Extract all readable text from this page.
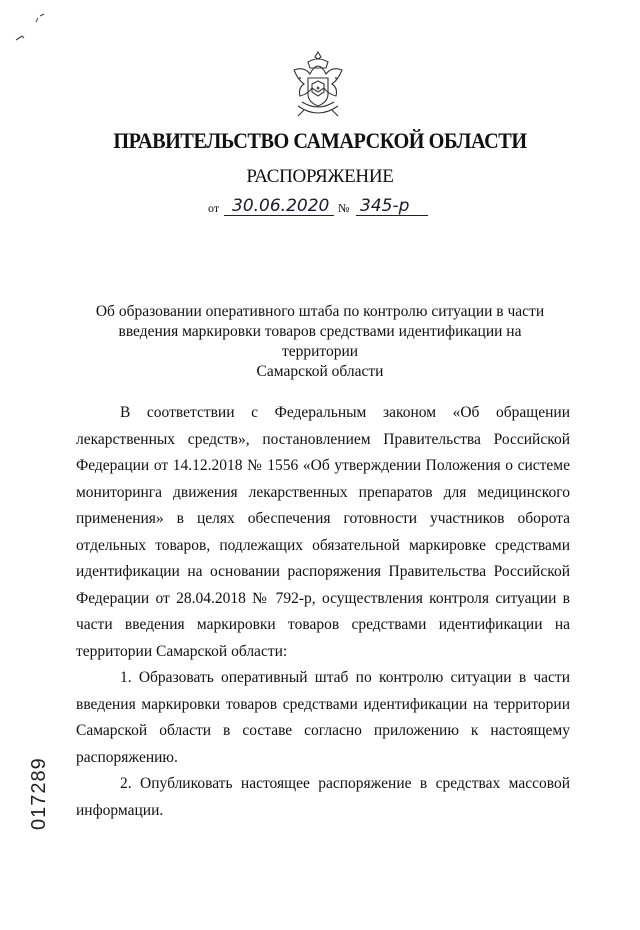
ПРАВИТЕЛЬСТВО САМАРСКОЙ ОБЛАСТИ
РАСПОРЯЖЕНИЕ
от 30.06.2020 № 345-р
Об образовании оперативного штаба по контролю ситуации в части
введения маркировки товаров средствами идентификации на территории
Самарской области

В соответствии с Федеральным законом «Об обращении лекарственных средств», постановлением Правительства Российской Федерации от 14.12.2018 № 1556 «Об утверждении Положения о системе мониторинга движения лекарственных препаратов для медицинского применения» в целях обеспечения готовности участников оборота отдельных товаров, подлежащих обязательной маркировке средствами идентификации на основании распоряжения Правительства Российской Федерации от 28.04.2018 № 792-р, осуществления контроля ситуации в части введения маркировки товаров средствами идентификации на территории Самарской области:

1. Образовать оперативный штаб по контролю ситуации в части введения маркировки товаров средствами идентификации на территории Самарской области в составе согласно приложению к настоящему распоряжению.

2. Опубликовать настоящее распоряжение в средствах массовой информации.

017289
